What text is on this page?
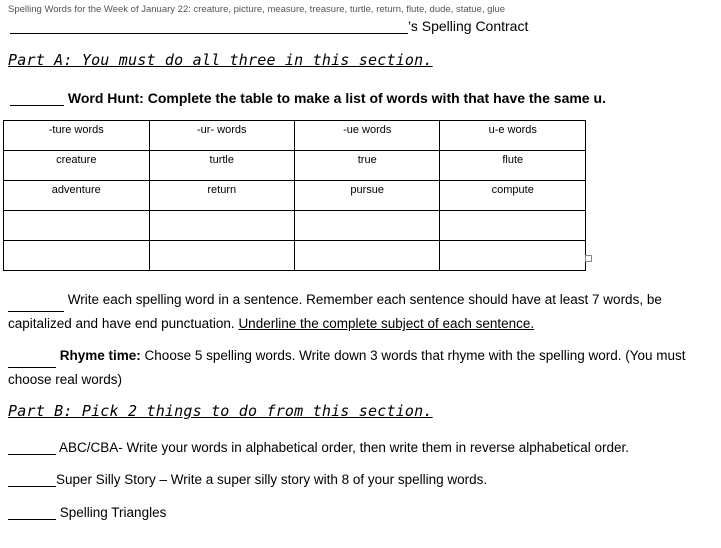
Spelling Words for the Week of January 22: creature, picture, measure, treasure, turtle, return, flute, dude, statue, glue
’s Spelling Contract
Part A: You must do all three in this section.
Word Hunt: Complete the table to make a list of words with that have the same u.
-ture words	-ur- words	-ue words	u-e words
creature	turtle	true	flute
adventure	return	pursue	compute

Write each spelling word in a sentence. Remember each sentence should have at least 7 words, be capitalized and have end punctuation. Underline the complete subject of each sentence.
Rhyme time: Choose 5 spelling words. Write down 3 words that rhyme with the spelling word. (You must choose real words)
Part B: Pick 2 things to do from this section.
ABC/CBA- Write your words in alphabetical order, then write them in reverse alphabetical order.
Super Silly Story – Write a super silly story with 8 of your spelling words.
Spelling Triangles
